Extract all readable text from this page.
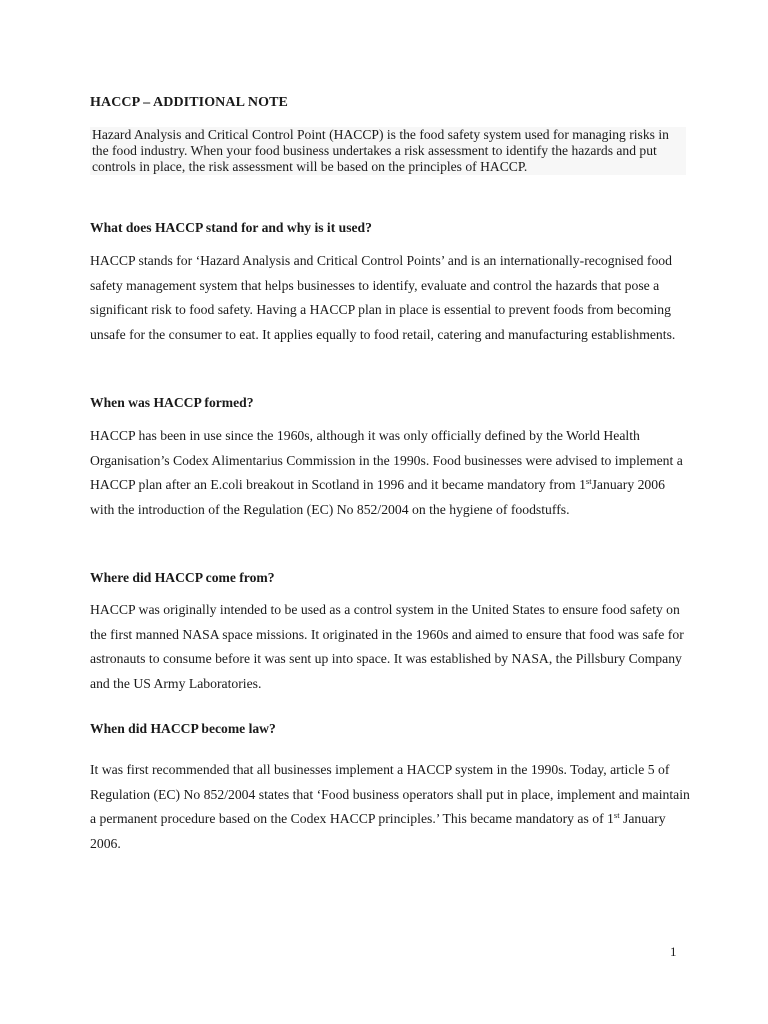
HACCP – ADDITIONAL NOTE
Hazard Analysis and Critical Control Point (HACCP) is the food safety system used for managing risks in the food industry. When your food business undertakes a risk assessment to identify the hazards and put controls in place, the risk assessment will be based on the principles of HACCP.
What does HACCP stand for and why is it used?
HACCP stands for ‘Hazard Analysis and Critical Control Points’ and is an internationally-recognised food safety management system that helps businesses to identify, evaluate and control the hazards that pose a significant risk to food safety. Having a HACCP plan in place is essential to prevent foods from becoming unsafe for the consumer to eat. It applies equally to food retail, catering and manufacturing establishments.
When was HACCP formed?
HACCP has been in use since the 1960s, although it was only officially defined by the World Health Organisation’s Codex Alimentarius Commission in the 1990s. Food businesses were advised to implement a HACCP plan after an E.coli breakout in Scotland in 1996 and it became mandatory from 1stJanuary 2006 with the introduction of the Regulation (EC) No 852/2004 on the hygiene of foodstuffs.
Where did HACCP come from?
HACCP was originally intended to be used as a control system in the United States to ensure food safety on the first manned NASA space missions. It originated in the 1960s and aimed to ensure that food was safe for astronauts to consume before it was sent up into space. It was established by NASA, the Pillsbury Company and the US Army Laboratories.
When did HACCP become law?
It was first recommended that all businesses implement a HACCP system in the 1990s. Today, article 5 of Regulation (EC) No 852/2004 states that ‘Food business operators shall put in place, implement and maintain a permanent procedure based on the Codex HACCP principles.’ This became mandatory as of 1st January 2006.
1
